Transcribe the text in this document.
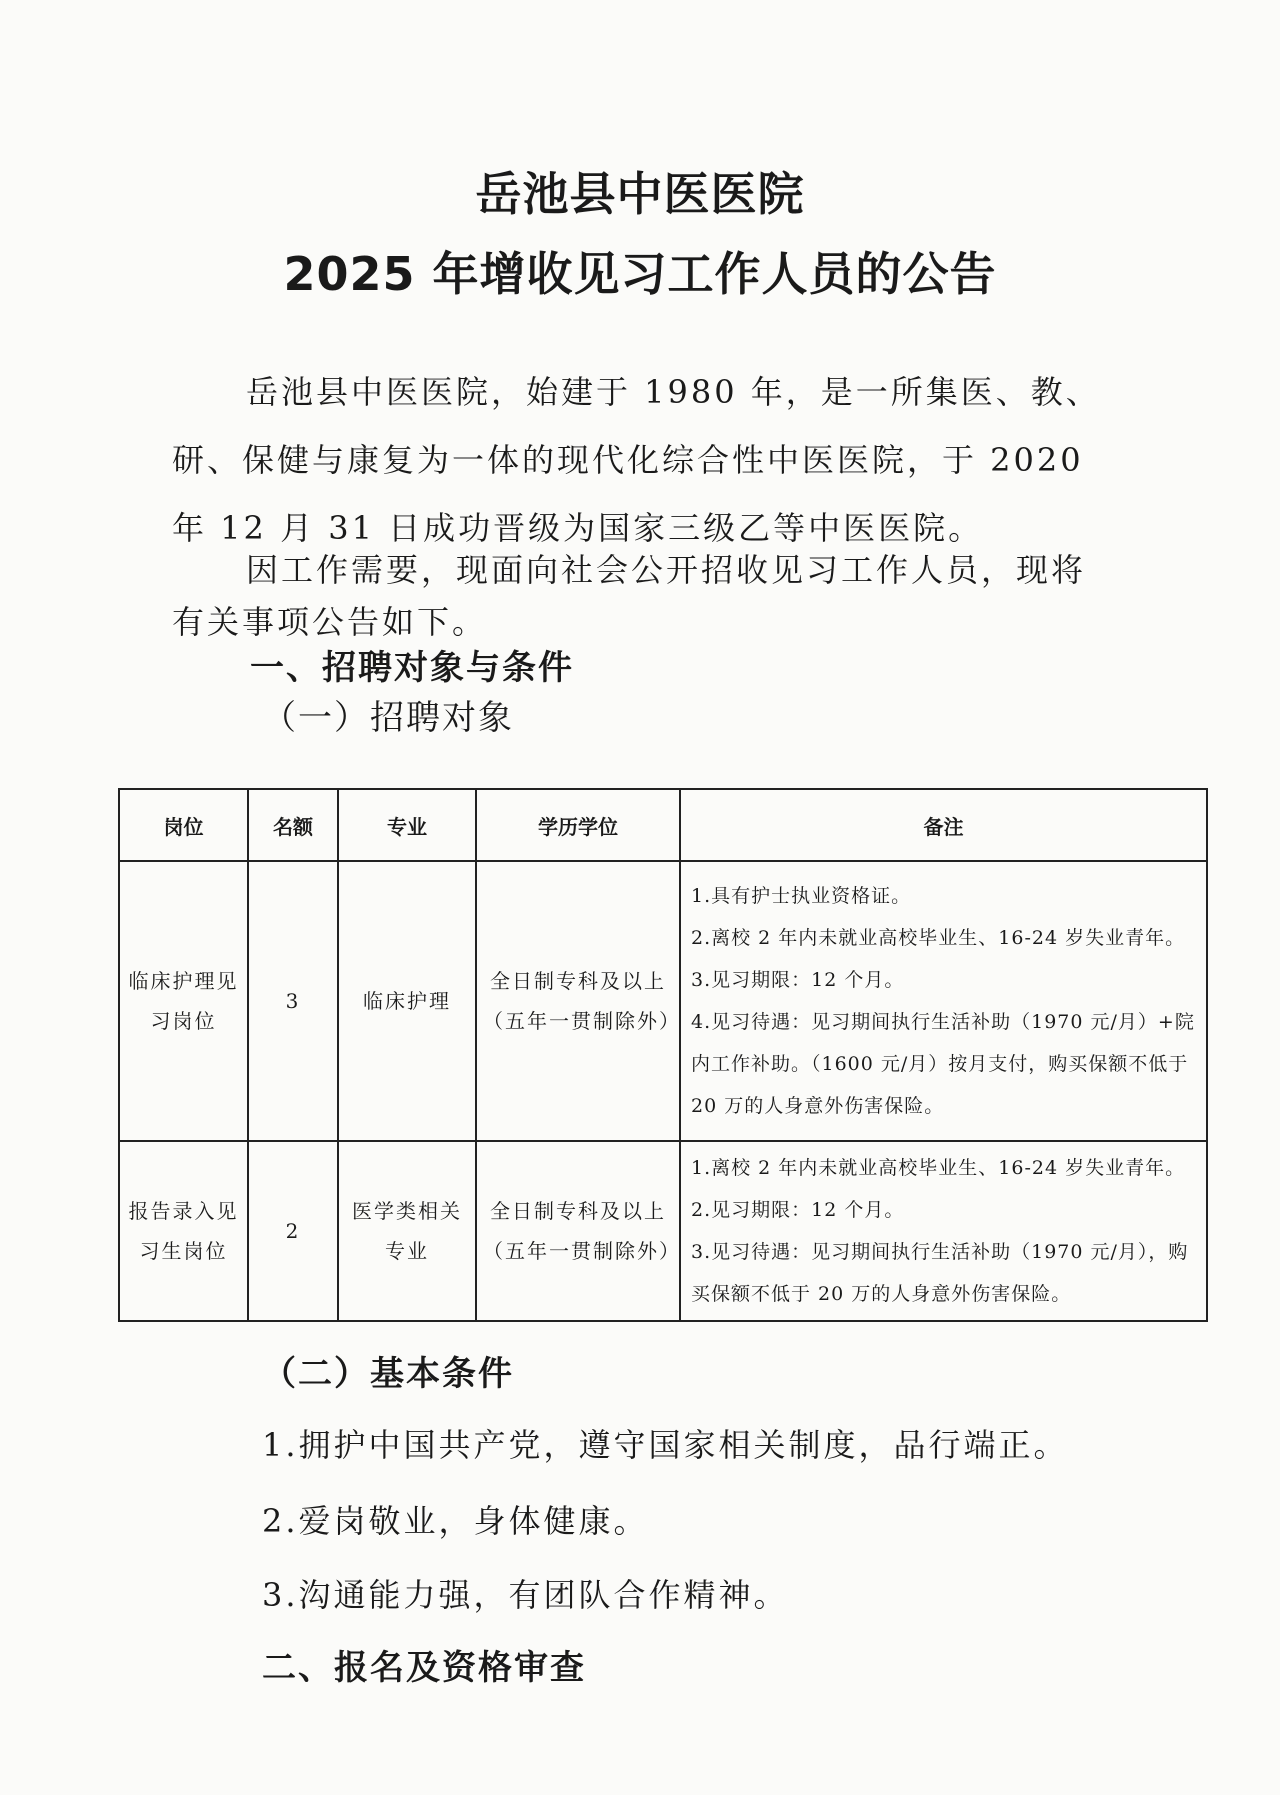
岳池县中医医院
2025 年增收见习工作人员的公告
岳池县中医医院，始建于 1980 年，是一所集医、教、研、保健与康复为一体的现代化综合性中医医院，于 2020 年 12 月 31 日成功晋级为国家三级乙等中医医院。
因工作需要，现面向社会公开招收见习工作人员，现将有关事项公告如下。
一、招聘对象与条件
（一）招聘对象
岗位	名额	专业	学历学位	备注
临床护理见习岗位	3	临床护理	全日制专科及以上（五年一贯制除外）	1.具有护士执业资格证。
2.离校 2 年内未就业高校毕业生、16-24 岁失业青年。
3.见习期限：12 个月。
4.见习待遇：见习期间执行生活补助（1970 元/月）+院内工作补助。（1600 元/月）按月支付，购买保额不低于 20 万的人身意外伤害保险。

报告录入见习生岗位	2	医学类相关专业	全日制专科及以上（五年一贯制除外）	1.离校 2 年内未就业高校毕业生、16-24 岁失业青年。
2.见习期限：12 个月。
3.见习待遇：见习期间执行生活补助（1970 元/月），购买保额不低于 20 万的人身意外伤害保险。
（二）基本条件
1.拥护中国共产党，遵守国家相关制度，品行端正。
2.爱岗敬业，身体健康。
3.沟通能力强，有团队合作精神。
二、报名及资格审查
